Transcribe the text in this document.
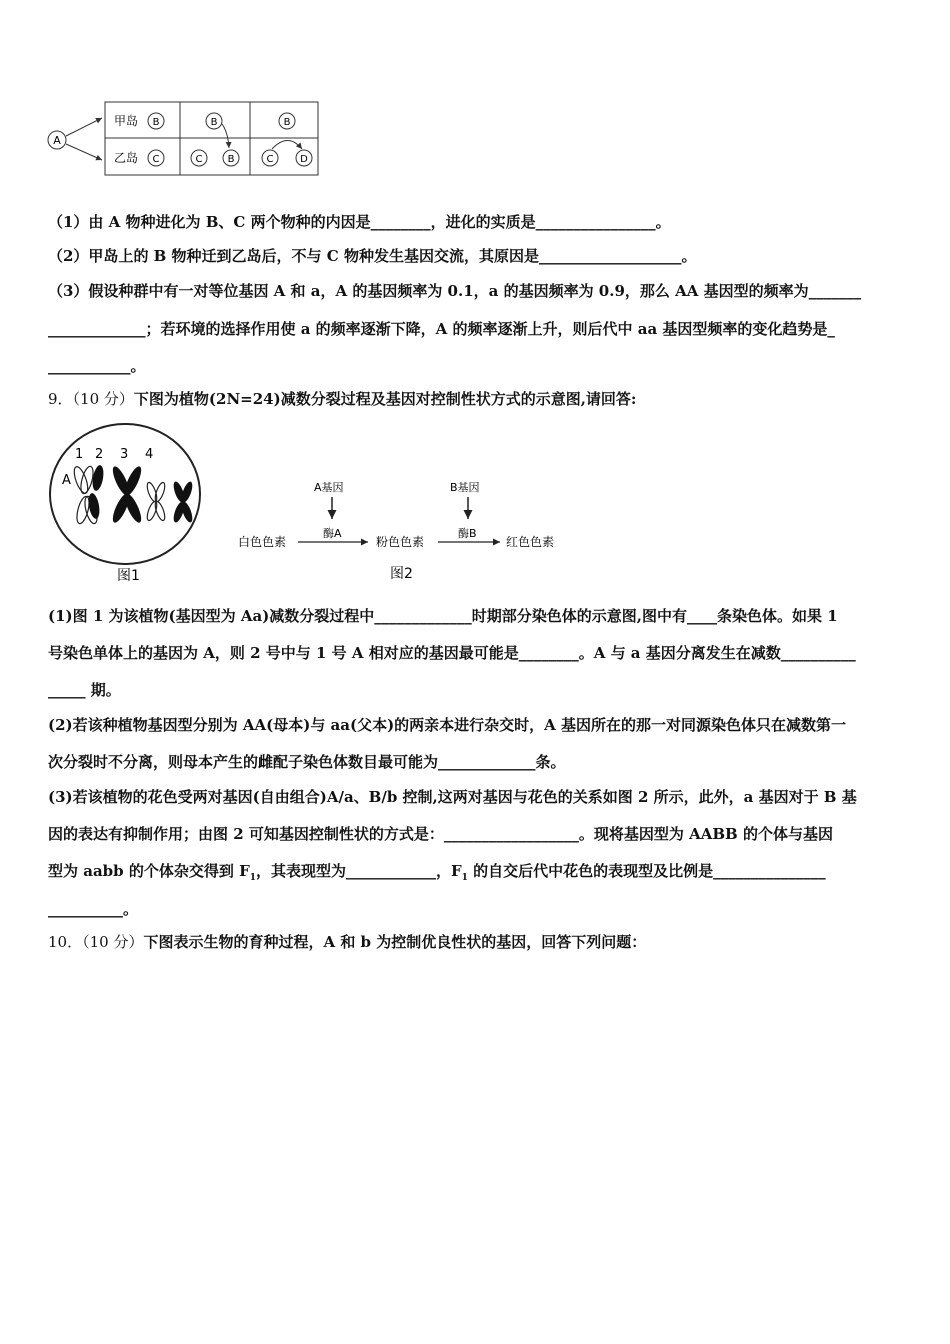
A
甲岛
乙岛
B	B	B
C	C	B	C	D
（1）由 A 物种进化为 B、C 两个物种的内因是________，进化的实质是________________。
（2）甲岛上的 B 物种迁到乙岛后，不与 C 物种发生基因交流，其原因是___________________。
（3）假设种群中有一对等位基因 A 和 a，A 的基因频率为 0.1，a 的基因频率为 0.9，那么 AA 基因型的频率为_______
_____________；若环境的选择作用使 a 的频率逐渐下降，A 的频率逐渐上升，则后代中 aa 基因型频率的变化趋势是_
___________。
9．（10 分）下图为植物(2N=24)减数分裂过程及基因对控制性状方式的示意图,请回答:
1 2 3 4
A
图1
A基因	B基因
酶A	酶B
白色色素	粉色色素	红色色素
图2
(1)图 1 为该植物(基因型为 Aa)减数分裂过程中_____________时期部分染色体的示意图,图中有____条染色体。如果 1
号染色单体上的基因为 A，则 2 号中与 1 号 A 相对应的基因最可能是________。A 与 a 基因分离发生在减数__________
_____ 期。
(2)若该种植物基因型分别为 AA(母本)与 aa(父本)的两亲本进行杂交时，A 基因所在的那一对同源染色体只在减数第一
次分裂时不分离，则母本产生的雌配子染色体数目最可能为_____________条。
(3)若该植物的花色受两对基因(自由组合)A/a、B/b 控制,这两对基因与花色的关系如图 2 所示，此外，a 基因对于 B 基
因的表达有抑制作用；由图 2 可知基因控制性状的方式是：__________________。现将基因型为 AABB 的个体与基因
型为 aabb 的个体杂交得到 $F_1$，其表现型为____________，$F_1$ 的自交后代中花色的表现型及比例是_______________
__________。
10．（10 分）下图表示生物的育种过程，A 和 b 为控制优良性状的基因，回答下列问题：
